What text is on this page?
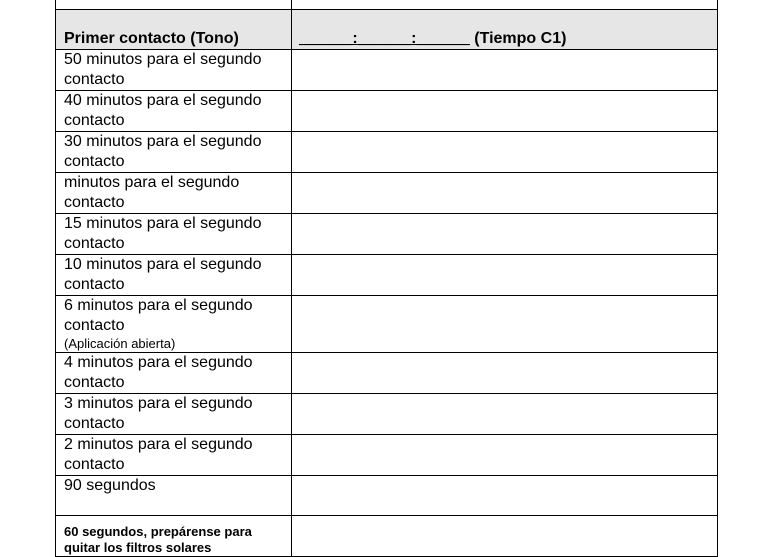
Primer contacto (Tono)	______:______:______ (Tiempo C1)

50 minutos para el segundo contacto	
40 minutos para el segundo contacto	
30 minutos para el segundo contacto	
minutos para el segundo contacto	
15 minutos para el segundo contacto	
10 minutos para el segundo contacto	
6 minutos para el segundo contacto
(Aplicación abierta)	

4 minutos para el segundo contacto	
3 minutos para el segundo contacto	
2 minutos para el segundo contacto	
90 segundos	

60 segundos, prepárense para quitar los filtros solares	
